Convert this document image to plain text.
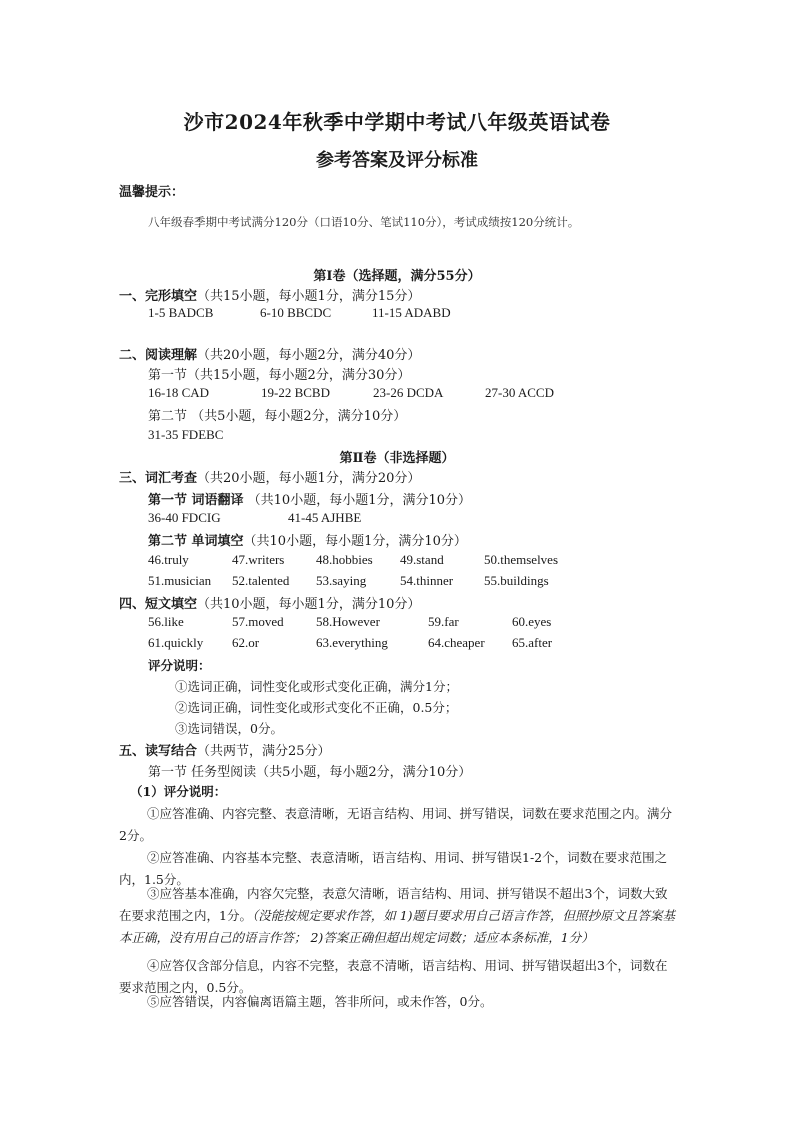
沙市2024年秋季中学期中考试八年级英语试卷
参考答案及评分标准
温馨提示：
八年级春季期中考试满分120分（口语10分、笔试110分），考试成绩按120分统计。
第Ⅰ卷（选择题，满分55分）
一、完形填空（共15小题，每小题1分，满分15分）
1-5 BADCB	6-10 BBCDC	11-15 ADABD
二、阅读理解（共20小题，每小题2分，满分40分）
第一节（共15小题，每小题2分，满分30分）
16-18 CAD	19-22 BCBD	23-26 DCDA	27-30 ACCD
第二节 （共5小题，每小题2分，满分10分）
31-35 FDEBC
第Ⅱ卷（非选择题）
三、词汇考查（共20小题，每小题1分，满分20分）
第一节 词语翻译 （共10小题，每小题1分，满分10分）
36-40 FDCIG	41-45 AJHBE
第二节 单词填空（共10小题，每小题1分，满分10分）
46.truly	47.writers	48.hobbies	49.stand	50.themselves
51.musician	52.talented	53.saying	54.thinner	55.buildings
四、短文填空（共10小题，每小题1分，满分10分）
56.like	57.moved	58.However	59.far	60.eyes
61.quickly	62.or	63.everything	64.cheaper	65.after
评分说明：
①选词正确，词性变化或形式变化正确，满分1分；
②选词正确，词性变化或形式变化不正确，0.5分；
③选词错误，0分。
五、读写结合（共两节，满分25分）
第一节 任务型阅读（共5小题，每小题2分，满分10分）
（1）评分说明：
①应答准确、内容完整、表意清晰，无语言结构、用词、拼写错误，词数在要求范围之内。满分2分。
②应答准确、内容基本完整、表意清晰，语言结构、用词、拼写错误1-2个，词数在要求范围之内，1.5分。
③应答基本准确，内容欠完整，表意欠清晰，语言结构、用词、拼写错误不超出3个，词数大致在要求范围之内，1分。（没能按规定要求作答，如 1)题目要求用自己语言作答，但照抄原文且答案基本正确，没有用自己的语言作答； 2)答案正确但超出规定词数；适应本条标准，1分）
④应答仅含部分信息，内容不完整，表意不清晰，语言结构、用词、拼写错误超出3个，词数在要求范围之内，0.5分。
⑤应答错误，内容偏离语篇主题，答非所问，或未作答，0分。
